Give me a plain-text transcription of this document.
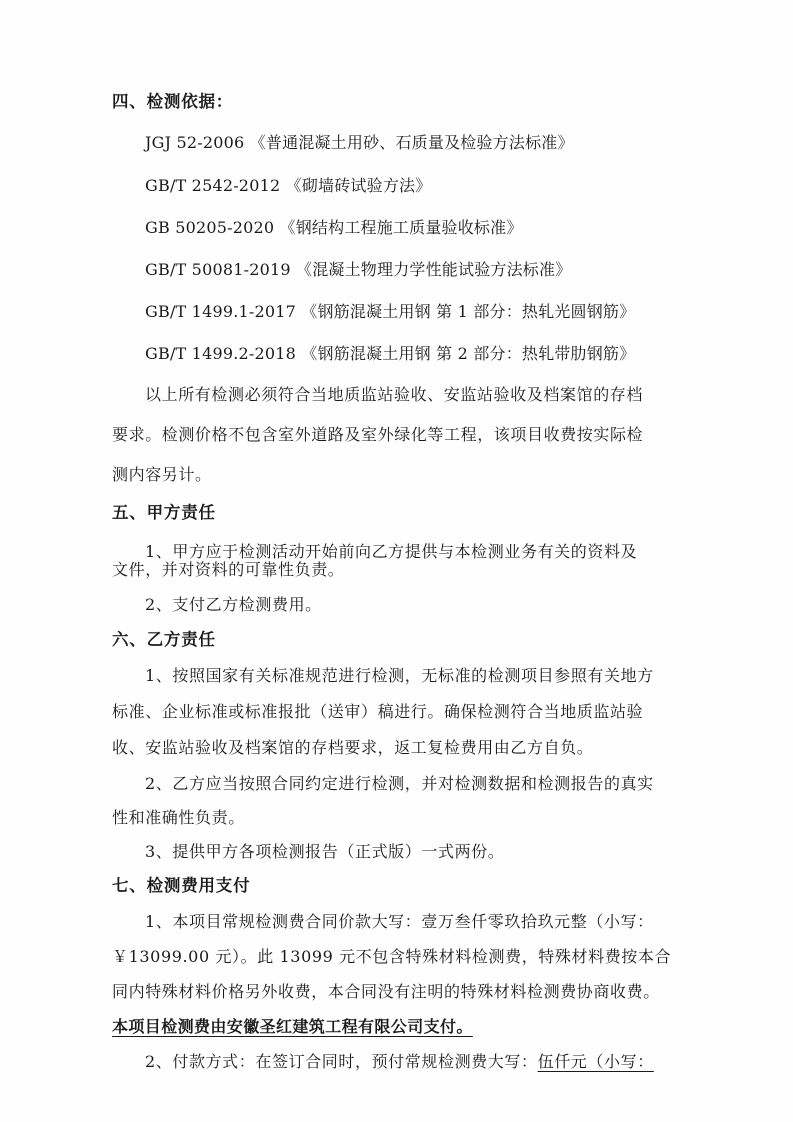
四、检测依据：
JGJ 52-2006 《普通混凝土用砂、石质量及检验方法标准》
GB/T 2542-2012 《砌墙砖试验方法》
GB 50205-2020 《钢结构工程施工质量验收标准》
GB/T 50081-2019 《混凝土物理力学性能试验方法标准》
GB/T 1499.1-2017 《钢筋混凝土用钢 第 1 部分：热轧光圆钢筋》
GB/T 1499.2-2018 《钢筋混凝土用钢 第 2 部分：热轧带肋钢筋》
以上所有检测必须符合当地质监站验收、安监站验收及档案馆的存档
要求。检测价格不包含室外道路及室外绿化等工程，该项目收费按实际检
测内容另计。
五、甲方责任
1、甲方应于检测活动开始前向乙方提供与本检测业务有关的资料及
文件，并对资料的可靠性负责。
2、支付乙方检测费用。
六、乙方责任
1、按照国家有关标准规范进行检测，无标准的检测项目参照有关地方
标准、企业标准或标准报批（送审）稿进行。确保检测符合当地质监站验
收、安监站验收及档案馆的存档要求，返工复检费用由乙方自负。
2、乙方应当按照合同约定进行检测，并对检测数据和检测报告的真实
性和准确性负责。
3、提供甲方各项检测报告（正式版）一式两份。
七、检测费用支付
1、本项目常规检测费合同价款大写：壹万叁仟零玖拾玖元整（小写：
￥13099.00 元）。此 13099 元不包含特殊材料检测费，特殊材料费按本合
同内特殊材料价格另外收费，本合同没有注明的特殊材料检测费协商收费。
本项目检测费由安徽圣红建筑工程有限公司支付。
2、付款方式：在签订合同时，预付常规检测费大写：伍仟元（小写：
